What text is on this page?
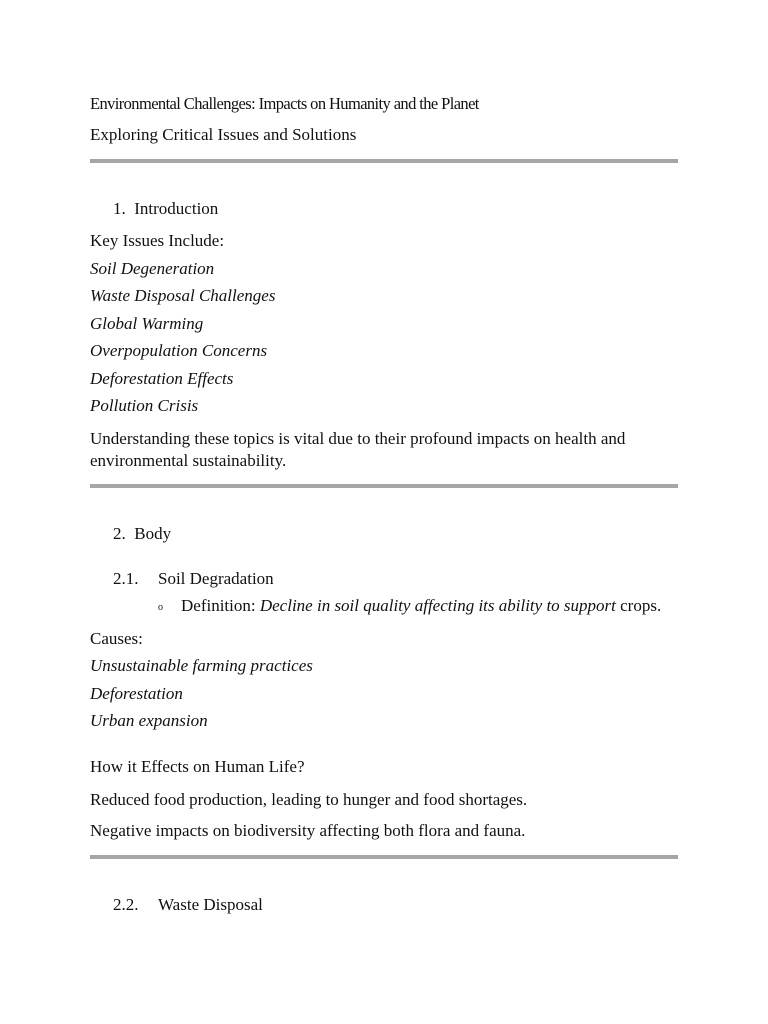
Environmental Challenges: Impacts on Humanity and the Planet
Exploring Critical Issues and Solutions
1. Introduction
Key Issues Include:
Soil Degeneration
Waste Disposal Challenges
Global Warming
Overpopulation Concerns
Deforestation Effects
Pollution Crisis
Understanding these topics is vital due to their profound impacts on health and environmental sustainability.
2. Body
2.1. Soil Degradation
o Definition: Decline in soil quality affecting its ability to support crops.
Causes:
Unsustainable farming practices
Deforestation
Urban expansion
How it Effects on Human Life?
Reduced food production, leading to hunger and food shortages.
Negative impacts on biodiversity affecting both flora and fauna.
2.2. Waste Disposal
